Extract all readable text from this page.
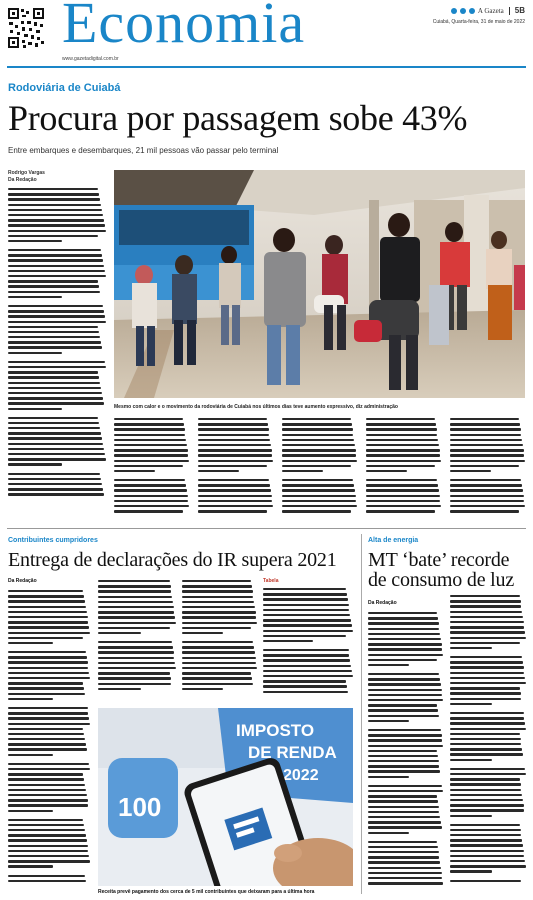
Economia
www.gazetadigital.com.br
A Gazeta 5B
Cuiabá, Quarta-feira, 31 de maio de 2022
Rodoviária de Cuiabá
Procura por passagem sobe 43%
Entre embarques e desembarques, 21 mil pessoas vão passar pelo terminal
Rodrigo Vargas
Da Redação
Mesmo com calor e o movimento da rodoviária de Cuiabá nos últimos dias teve aumento expressivo, diz administração
Contribuintes cumpridores
Entrega de declarações do IR supera 2021
Da Redação	Tabela
IMPOSTO
DE RENDA
2022
100
Receita prevê pagamento dos cerca de 5 mil contribuintes que deixaram para a última hora
Alta de energia
MT ‘bate’ recorde de consumo de luz
Da Redação
